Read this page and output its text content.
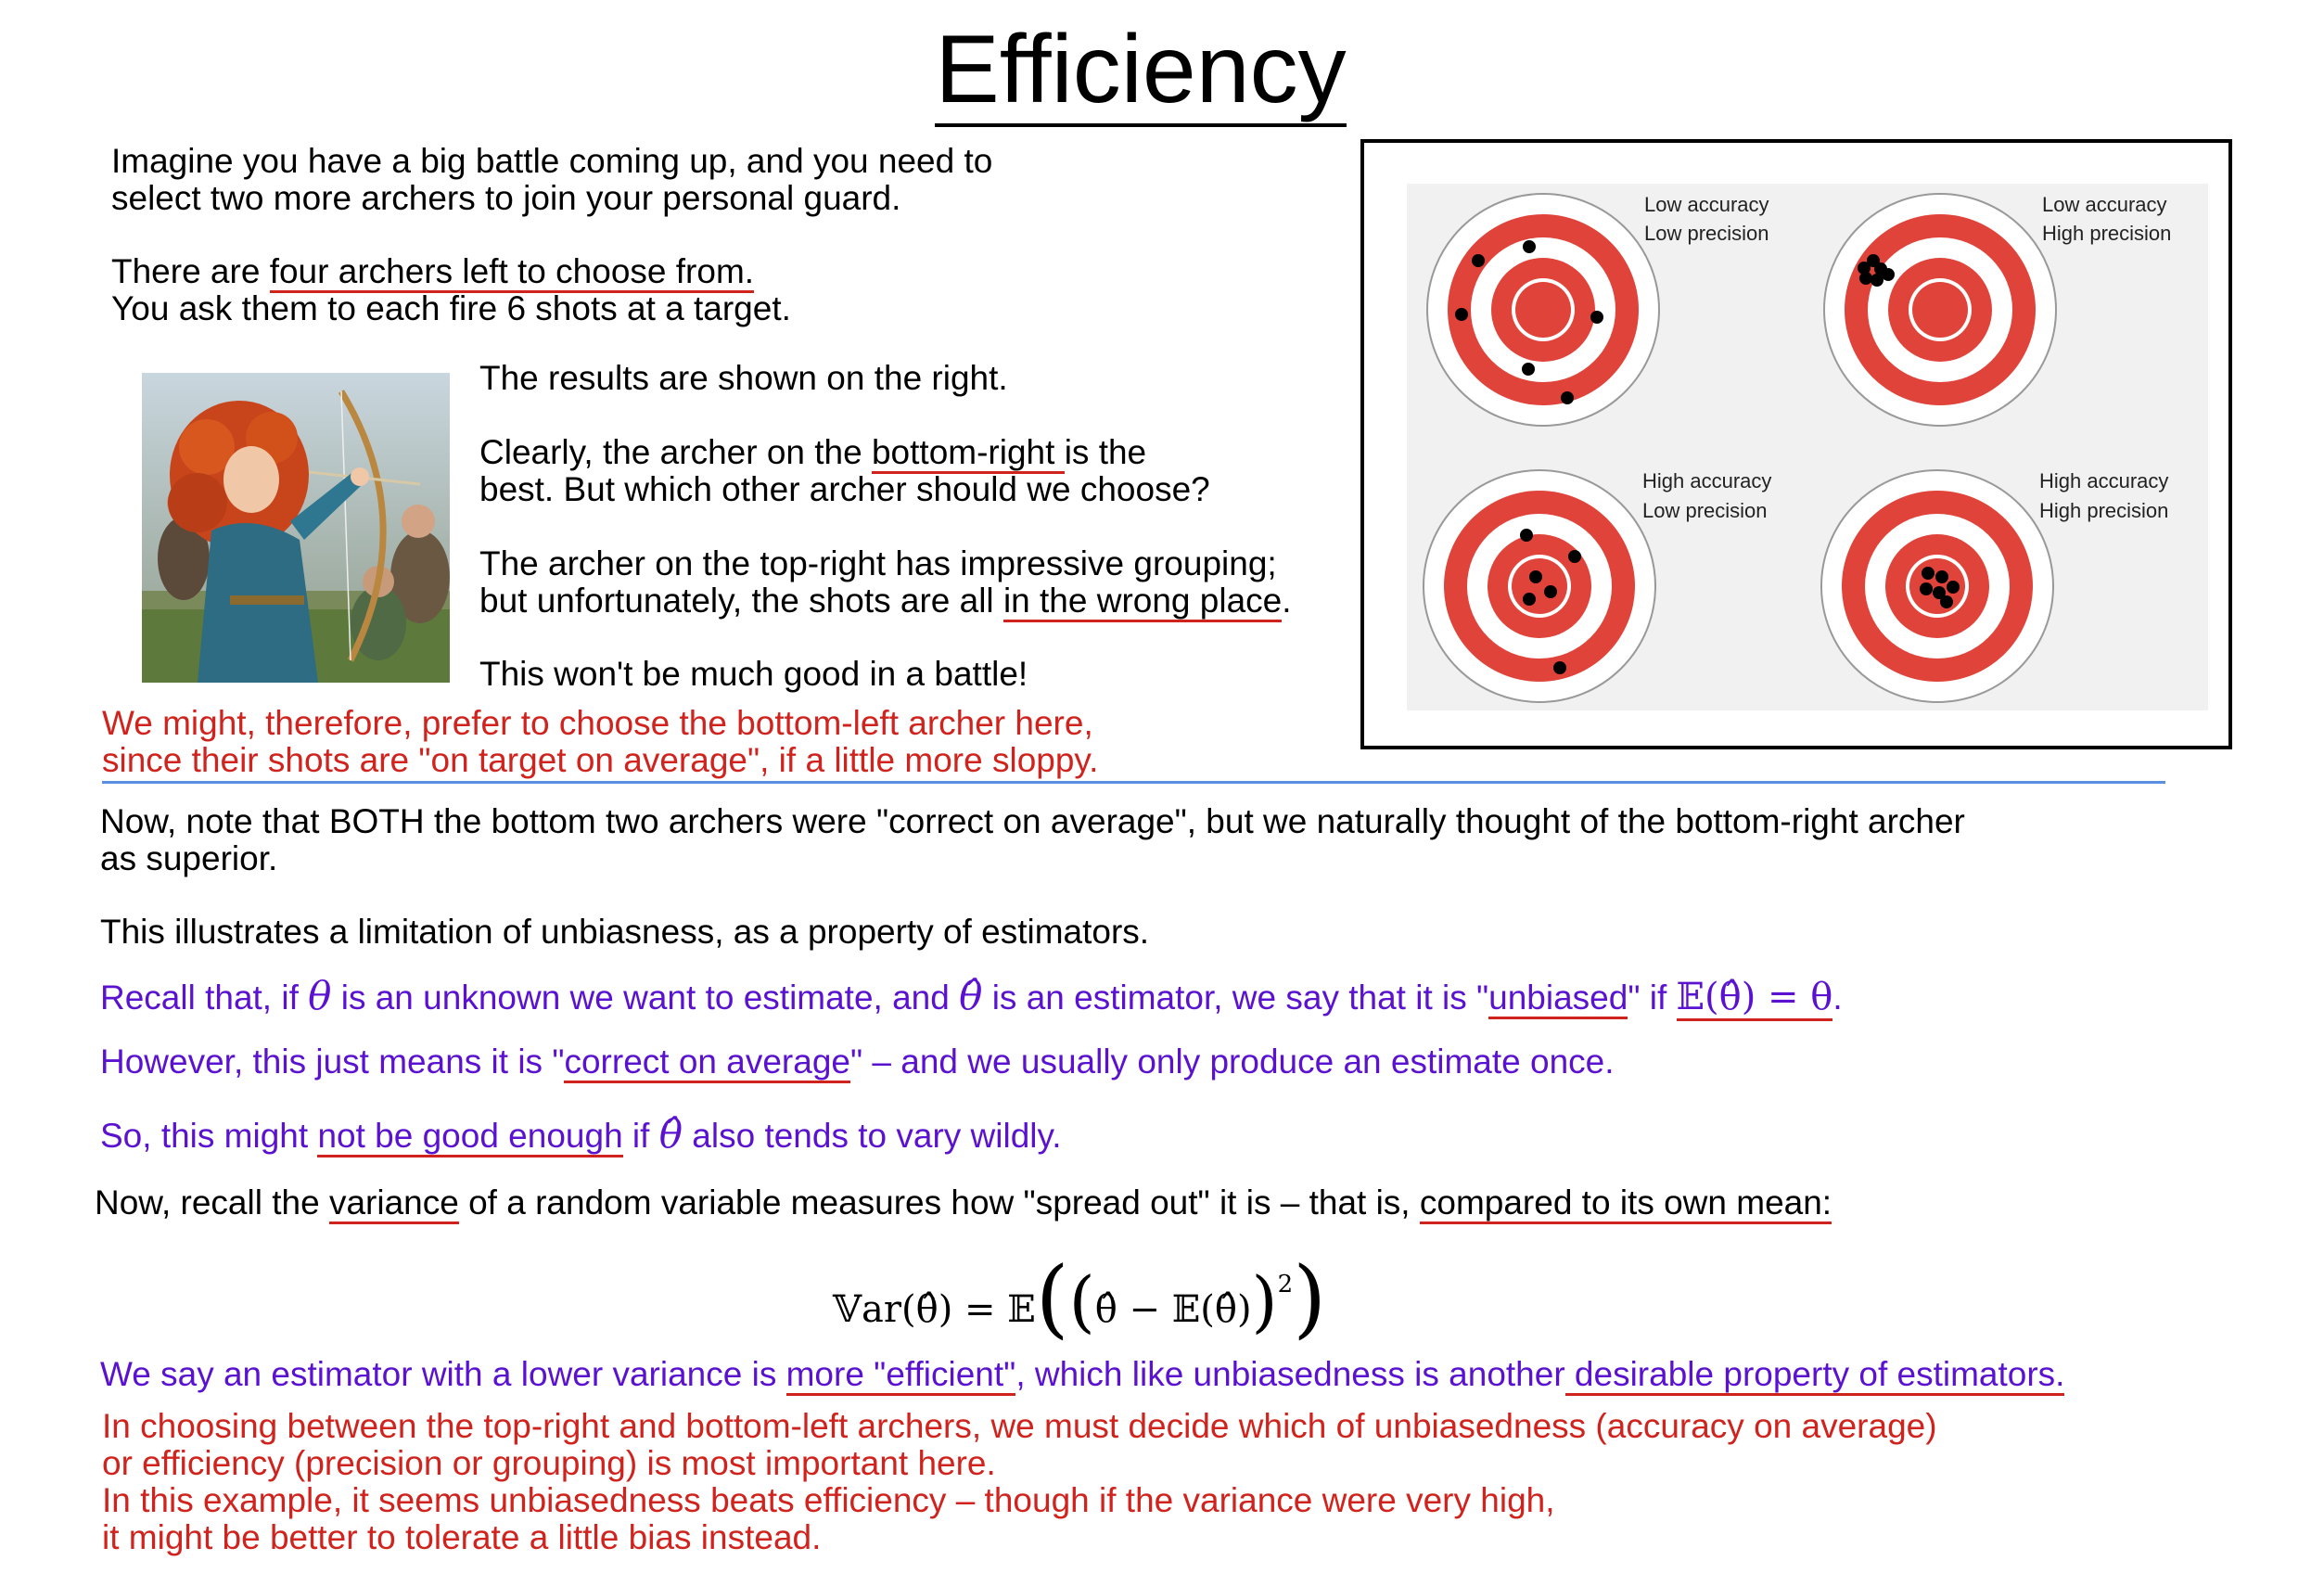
Efficiency
Imagine you have a big battle coming up, and you need to
select two more archers to join your personal guard.
There are four archers left to choose from.
You ask them to each fire 6 shots at a target.
The results are shown on the right.
Clearly, the archer on the bottom-right is the
best. But which other archer should we choose?
The archer on the top-right has impressive grouping;
but unfortunately, the shots are all in the wrong place.
This won't be much good in a battle!
We might, therefore, prefer to choose the bottom-left archer here,
since their shots are "on target on average", if a little more sloppy.
Low accuracy
Low precision
Low accuracy
High precision
High accuracy
Low precision
High accuracy
High precision
Now, note that BOTH the bottom two archers were "correct on average", but we naturally thought of the bottom-right archer
as superior.
This illustrates a limitation of unbiasness, as a property of estimators.
Recall that, if θ is an unknown we want to estimate, and θ̂ is an estimator, we say that it is "unbiased" if 𝔼(θ̂) = θ.
However, this just means it is "correct on average" – and we usually only produce an estimate once.
So, this might not be good enough if θ̂ also tends to vary wildly.
Now, recall the variance of a random variable measures how "spread out" it is – that is, compared to its own mean:
𝕍ar(θ̂) = 𝔼((θ̂ − 𝔼(θ̂))$^2$)
We say an estimator with a lower variance is more "efficient", which like unbiasedness is another desirable property of estimators.
In choosing between the top-right and bottom-left archers, we must decide which of unbiasedness (accuracy on average)
or efficiency (precision or grouping) is most important here.
In this example, it seems unbiasedness beats efficiency – though if the variance were very high,
it might be better to tolerate a little bias instead.
